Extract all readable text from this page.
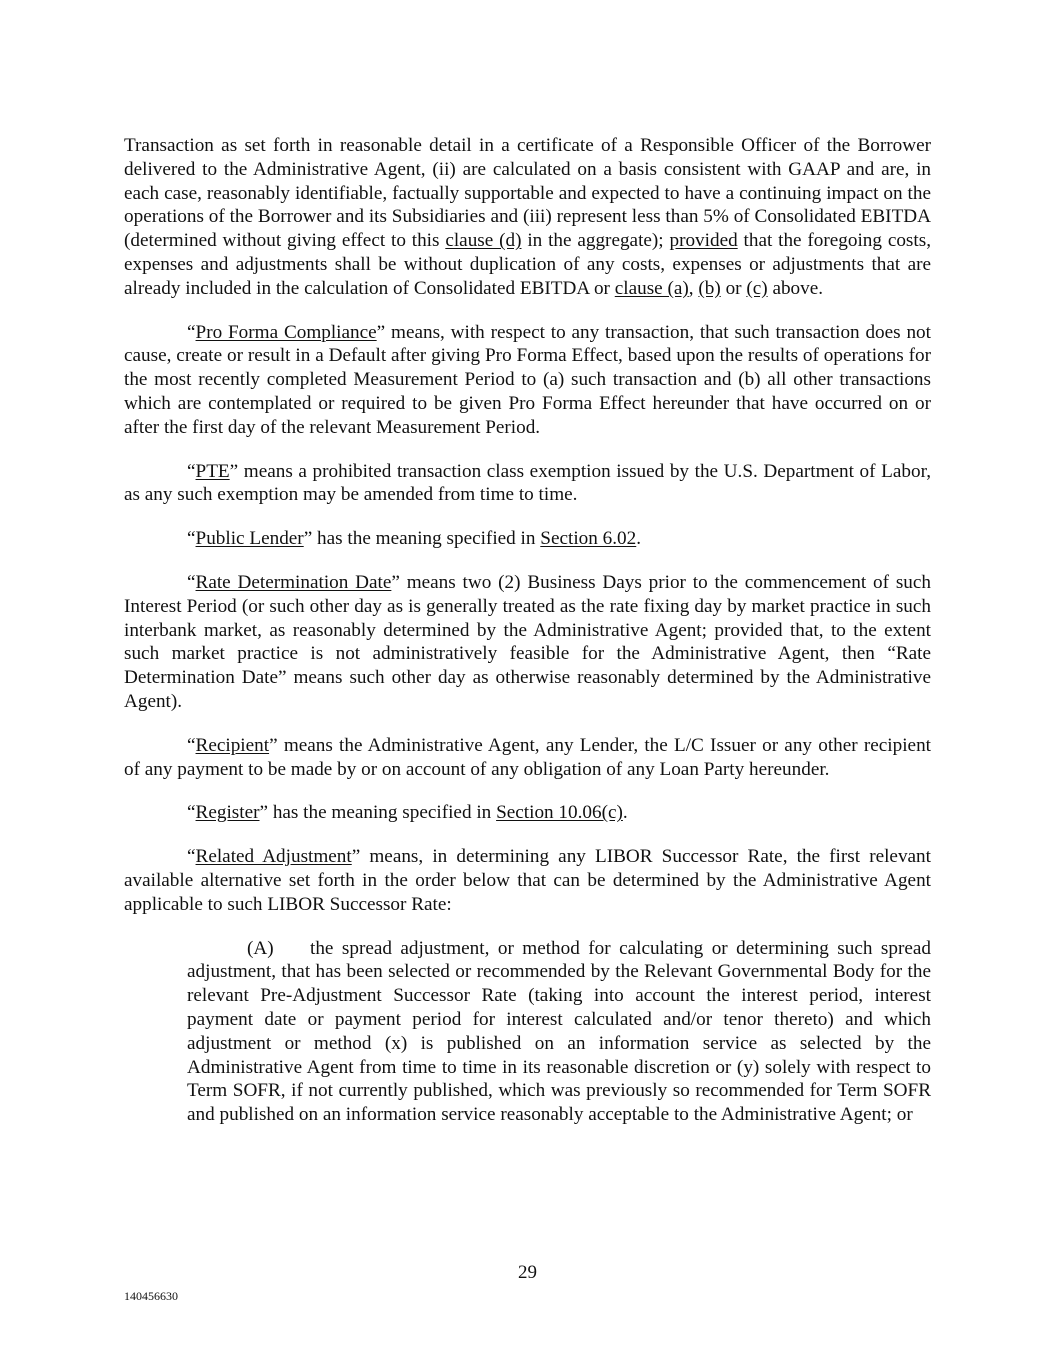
Transaction as set forth in reasonable detail in a certificate of a Responsible Officer of the Borrower delivered to the Administrative Agent, (ii) are calculated on a basis consistent with GAAP and are, in each case, reasonably identifiable, factually supportable and expected to have a continuing impact on the operations of the Borrower and its Subsidiaries and (iii) represent less than 5% of Consolidated EBITDA (determined without giving effect to this clause (d) in the aggregate); provided that the foregoing costs, expenses and adjustments shall be without duplication of any costs, expenses or adjustments that are already included in the calculation of Consolidated EBITDA or clause (a), (b) or (c) above.

“Pro Forma Compliance” means, with respect to any transaction, that such transaction does not cause, create or result in a Default after giving Pro Forma Effect, based upon the results of operations for the most recently completed Measurement Period to (a) such transaction and (b) all other transactions which are contemplated or required to be given Pro Forma Effect hereunder that have occurred on or after the first day of the relevant Measurement Period.

“PTE” means a prohibited transaction class exemption issued by the U.S. Department of Labor, as any such exemption may be amended from time to time.

“Public Lender” has the meaning specified in Section 6.02.

“Rate Determination Date” means two (2) Business Days prior to the commencement of such Interest Period (or such other day as is generally treated as the rate fixing day by market practice in such interbank market, as reasonably determined by the Administrative Agent; provided that, to the extent such market practice is not administratively feasible for the Administrative Agent, then “Rate Determination Date” means such other day as otherwise reasonably determined by the Administrative Agent).

“Recipient” means the Administrative Agent, any Lender, the L/C Issuer or any other recipient of any payment to be made by or on account of any obligation of any Loan Party hereunder.

“Register” has the meaning specified in Section 10.06(c).

“Related Adjustment” means, in determining any LIBOR Successor Rate, the first relevant available alternative set forth in the order below that can be determined by the Administrative Agent applicable to such LIBOR Successor Rate:

(A) the spread adjustment, or method for calculating or determining such spread adjustment, that has been selected or recommended by the Relevant Governmental Body for the relevant Pre-Adjustment Successor Rate (taking into account the interest period, interest payment date or payment period for interest calculated and/or tenor thereto) and which adjustment or method (x) is published on an information service as selected by the Administrative Agent from time to time in its reasonable discretion or (y) solely with respect to Term SOFR, if not currently published, which was previously so recommended for Term SOFR and published on an information service reasonably acceptable to the Administrative Agent; or

29
140456630
